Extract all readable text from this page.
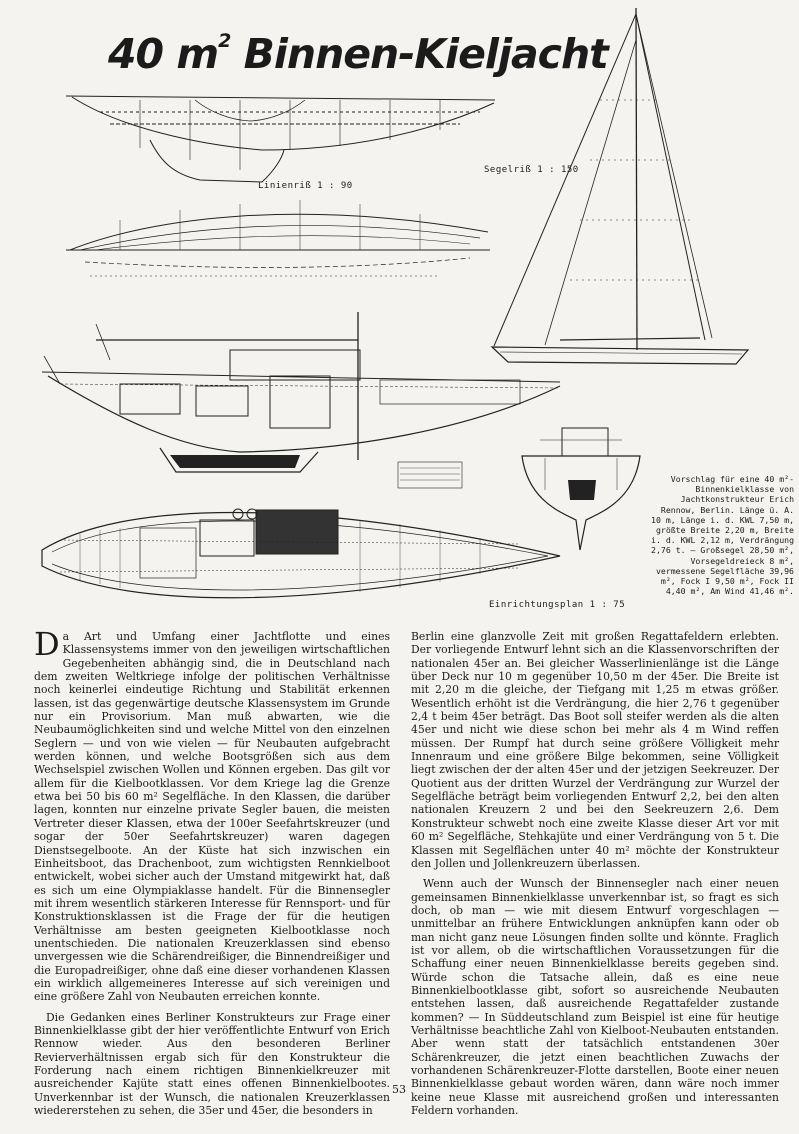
40 $m^2$ Binnen-Kieljacht
Linienriß 1 : 90
Segelriß 1 : 150
Einrichtungsplan 1 : 75
Vorschlag für eine 40 m²-Binnenkielklasse von Jachtkonstrukteur Erich Rennow, Berlin. Länge ü. A. 10 m, Länge i. d. KWL 7,50 m, größte Breite 2,20 m, Breite i. d. KWL 2,12 m, Verdrängung 2,76 t. — Großsegel 28,50 m², Vorsegeldreieck 8 m², vermessene Segelfläche 39,96 m², Fock I 9,50 m², Fock II 4,40 m², Am Wind 41,46 m².

Da Art und Umfang einer Jachtflotte und eines Klassensystems immer von den jeweiligen wirtschaftlichen Gegebenheiten abhängig sind, die in Deutschland nach dem zweiten Weltkriege infolge der politischen Verhältnisse noch keinerlei eindeutige Richtung und Stabilität erkennen lassen, ist das gegenwärtige deutsche Klassensystem im Grunde nur ein Provisorium. Man muß abwarten, wie die Neubaumöglichkeiten sind und welche Mittel von den einzelnen Seglern — und von wie vielen — für Neubauten aufgebracht werden können, und welche Bootsgrößen sich aus dem Wechselspiel zwischen Wollen und Können ergeben. Das gilt vor allem für die Kielbootklassen. Vor dem Kriege lag die Grenze etwa bei 50 bis 60 m² Segelfläche. In den Klassen, die darüber lagen, konnten nur einzelne private Segler bauen, die meisten Vertreter dieser Klassen, etwa der 100er Seefahrtskreuzer (und sogar der 50er Seefahrtskreuzer) waren dagegen Dienstsegelboote. An der Küste hat sich inzwischen ein Einheitsboot, das Drachenboot, zum wichtigsten Rennkielboot entwickelt, wobei sicher auch der Umstand mitgewirkt hat, daß es sich um eine Olympiaklasse handelt. Für die Binnensegler mit ihrem wesentlich stärkeren Interesse für Rennsport- und für Konstruktionsklassen ist die Frage der für die heutigen Verhältnisse am besten geeigneten Kielbootklasse noch unentschieden. Die nationalen Kreuzerklassen sind ebenso unvergessen wie die Schärendreißiger, die Binnendreißiger und die Europadreißiger, ohne daß eine dieser vorhandenen Klassen ein wirklich allgemeineres Interesse auf sich vereinigen und eine größere Zahl von Neubauten erreichen konnte.

Die Gedanken eines Berliner Konstrukteurs zur Frage einer Binnenkielklasse gibt der hier veröffentlichte Entwurf von Erich Rennow wieder. Aus den besonderen Berliner Revierverhältnissen ergab sich für den Konstrukteur die Forderung nach einem richtigen Binnenkielkreuzer mit ausreichender Kajüte statt eines offenen Binnenkielbootes. Unverkennbar ist der Wunsch, die nationalen Kreuzerklassen wiedererstehen zu sehen, die 35er und 45er, die besonders in

Berlin eine glanzvolle Zeit mit großen Regattafeldern erlebten. Der vorliegende Entwurf lehnt sich an die Klassenvorschriften der nationalen 45er an. Bei gleicher Wasserlinienlänge ist die Länge über Deck nur 10 m gegenüber 10,50 m der 45er. Die Breite ist mit 2,20 m die gleiche, der Tiefgang mit 1,25 m etwas größer. Wesentlich erhöht ist die Verdrängung, die hier 2,76 t gegenüber 2,4 t beim 45er beträgt. Das Boot soll steifer werden als die alten 45er und nicht wie diese schon bei mehr als 4 m Wind reffen müssen. Der Rumpf hat durch seine größere Völligkeit mehr Innenraum und eine größere Bilge bekommen, seine Völligkeit liegt zwischen der der alten 45er und der jetzigen Seekreuzer. Der Quotient aus der dritten Wurzel der Verdrängung zur Wurzel der Segelfläche beträgt beim vorliegenden Entwurf 2,2, bei den alten nationalen Kreuzern 2 und bei den Seekreuzern 2,6. Dem Konstrukteur schwebt noch eine zweite Klasse dieser Art vor mit 60 m² Segelfläche, Stehkajüte und einer Verdrängung von 5 t. Die Klassen mit Segelflächen unter 40 m² möchte der Konstrukteur den Jollen und Jollenkreuzern überlassen.

Wenn auch der Wunsch der Binnensegler nach einer neuen gemeinsamen Binnenkielklasse unverkennbar ist, so fragt es sich doch, ob man — wie mit diesem Entwurf vorgeschlagen — unmittelbar an frühere Entwicklungen anknüpfen kann oder ob man nicht ganz neue Lösungen finden sollte und könnte. Fraglich ist vor allem, ob die wirtschaftlichen Voraussetzungen für die Schaffung einer neuen Binnenkielklasse bereits gegeben sind. Würde schon die Tatsache allein, daß es eine neue Binnenkielbootklasse gibt, sofort so ausreichende Neubauten entstehen lassen, daß ausreichende Regattafelder zustande kommen? — In Süddeutschland zum Beispiel ist eine für heutige Verhältnisse beachtliche Zahl von Kielboot-Neubauten entstanden. Aber wenn statt der tatsächlich entstandenen 30er Schärenkreuzer, die jetzt einen beachtlichen Zuwachs der vorhandenen Schärenkreuzer-Flotte darstellen, Boote einer neuen Binnenkielklasse gebaut worden wären, dann wäre noch immer keine neue Klasse mit ausreichend großen und interessanten Feldern vorhanden.

53
